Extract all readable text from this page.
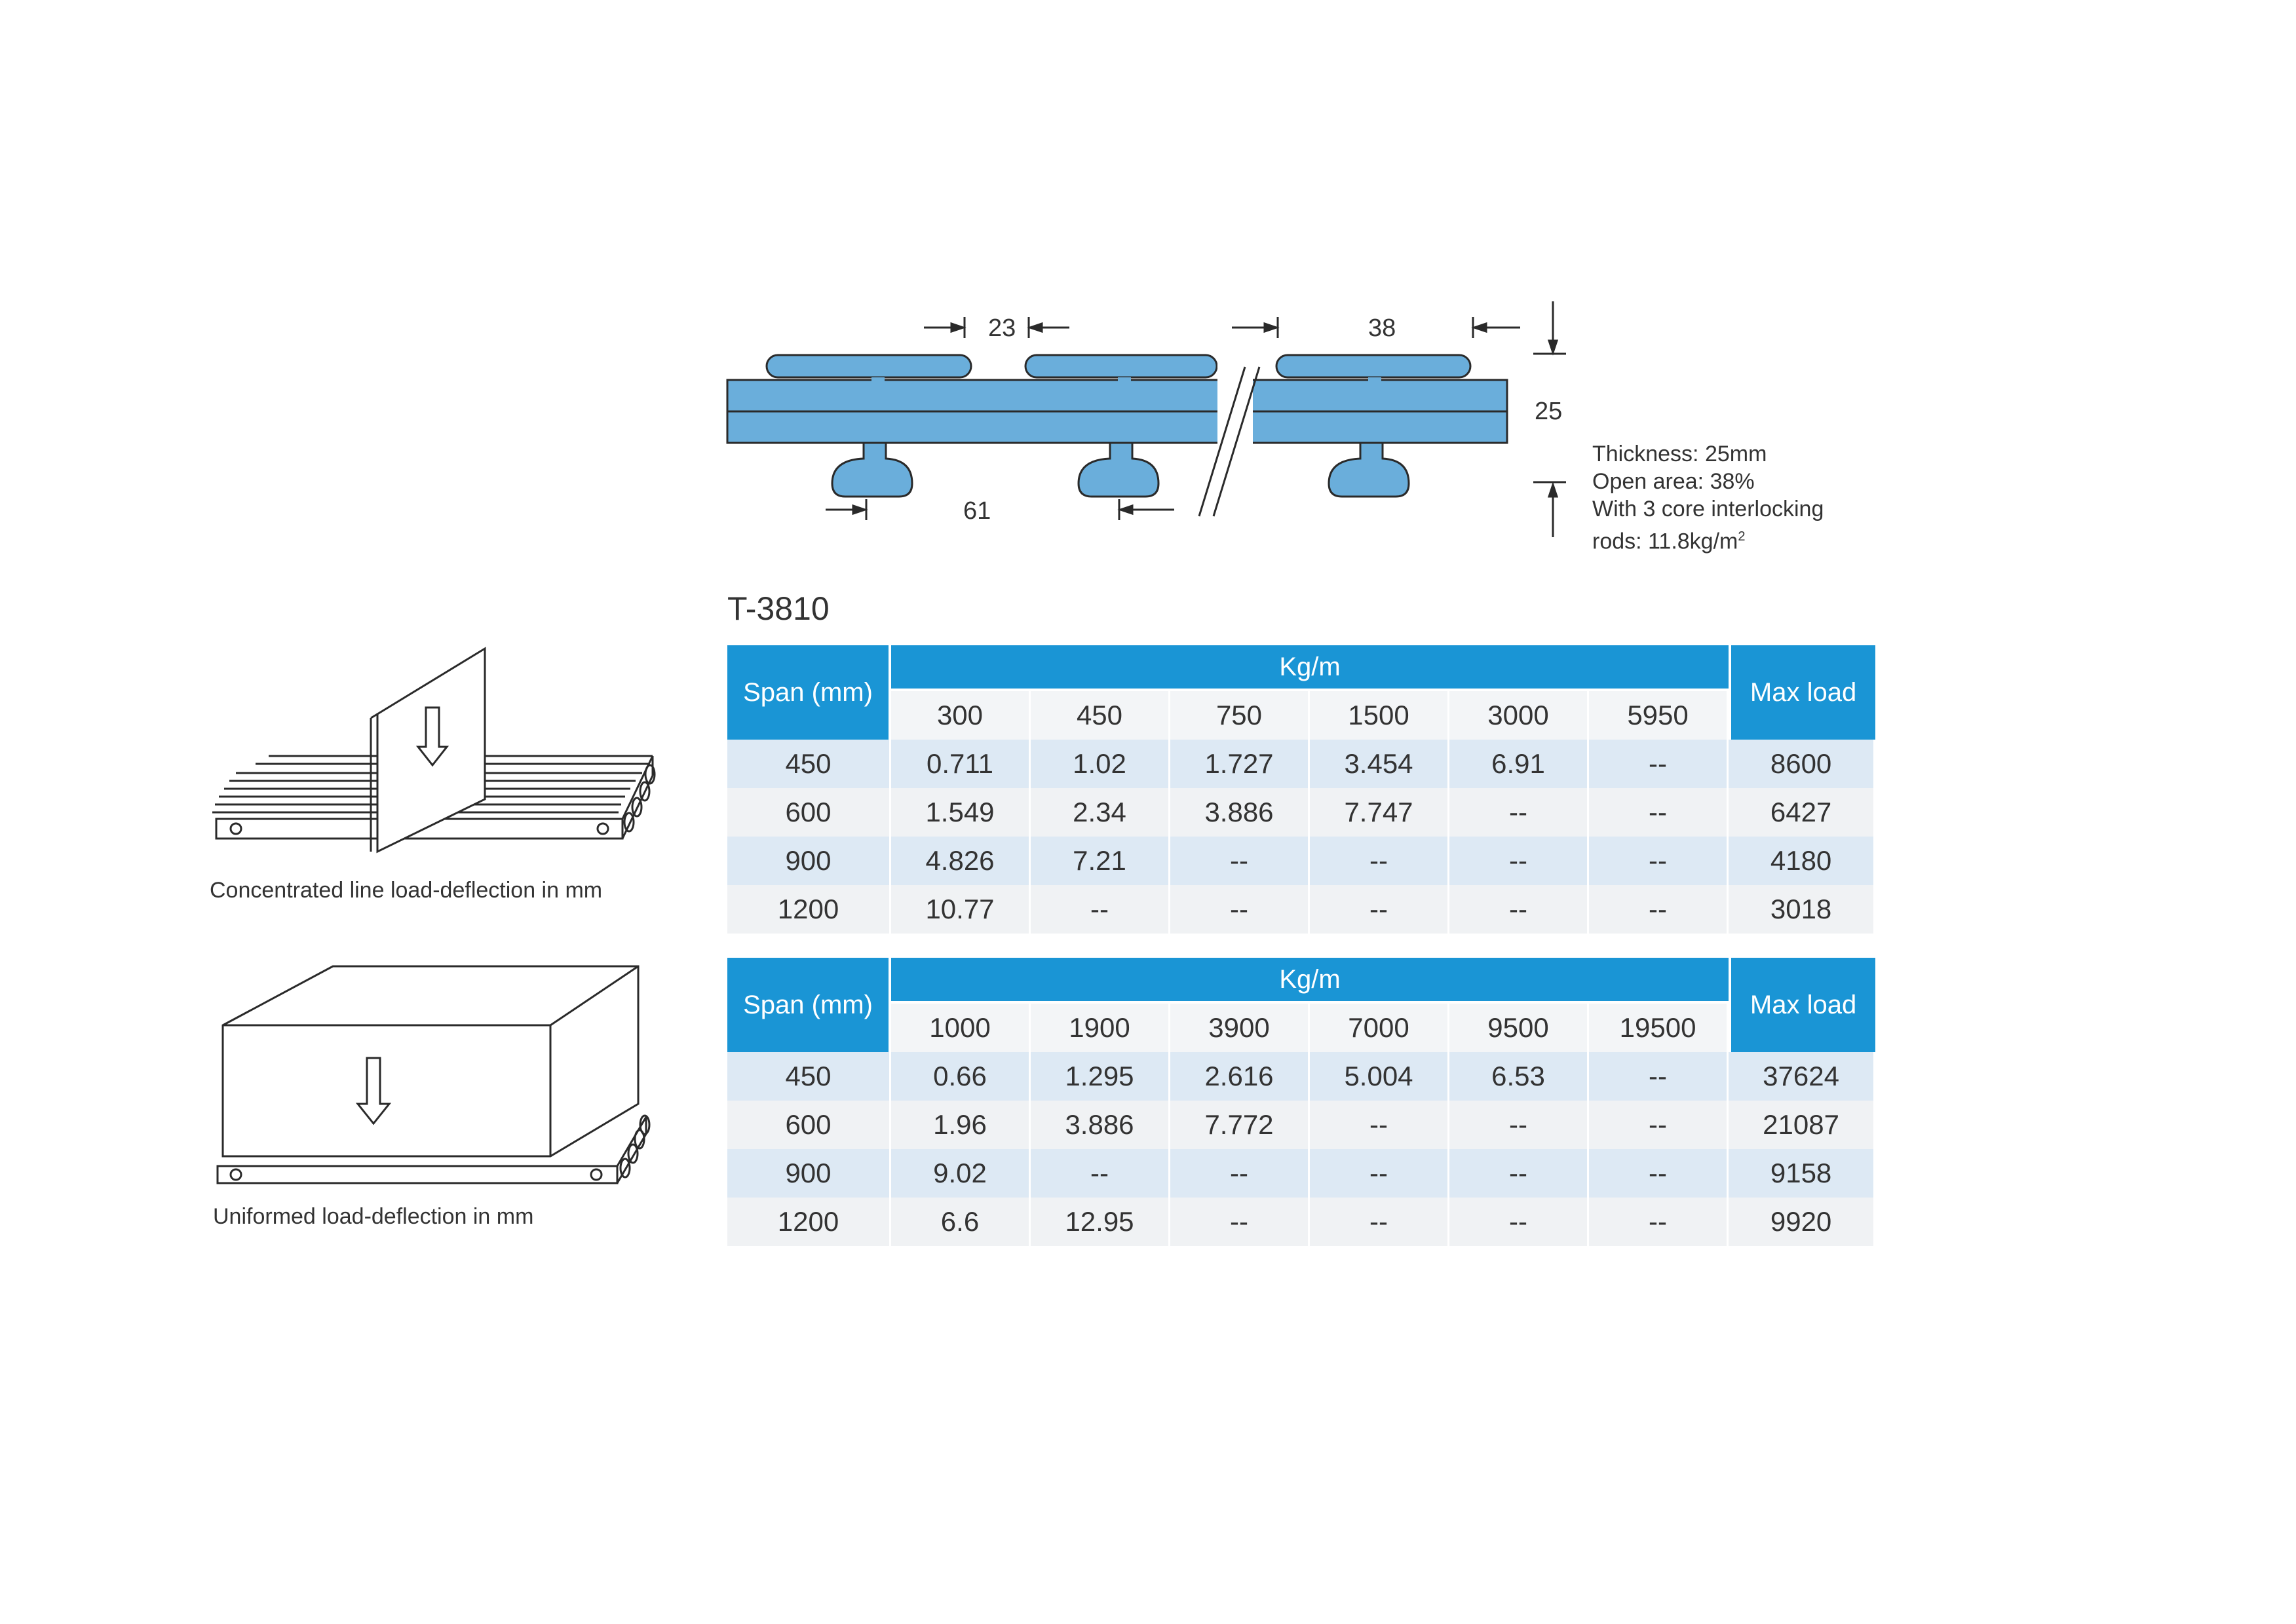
23	38
25
61
Thickness: 25mm
Open area: 38%
With 3 core interlocking
rods: $11.8kg/m^2$
T-3810
Concentrated line load-deflection in mm
Uniformed load-deflection in mm
Span (mm)	Kg/m						Max load
	300	450	750	1500	3000	5950	
450	0.711	1.02	1.727	3.454	6.91	--	8600
600	1.549	2.34	3.886	7.747	--	--	6427
900	4.826	7.21	--	--	--	--	4180
1200	10.77	--	--	--	--	--	3018
Span (mm)	Kg/m						Max load
	1000	1900	3900	7000	9500	19500	
450	0.66	1.295	2.616	5.004	6.53	--	37624
600	1.96	3.886	7.772	--	--	--	21087
900	9.02	--	--	--	--	--	9158
1200	6.6	12.95	--	--	--	--	9920
